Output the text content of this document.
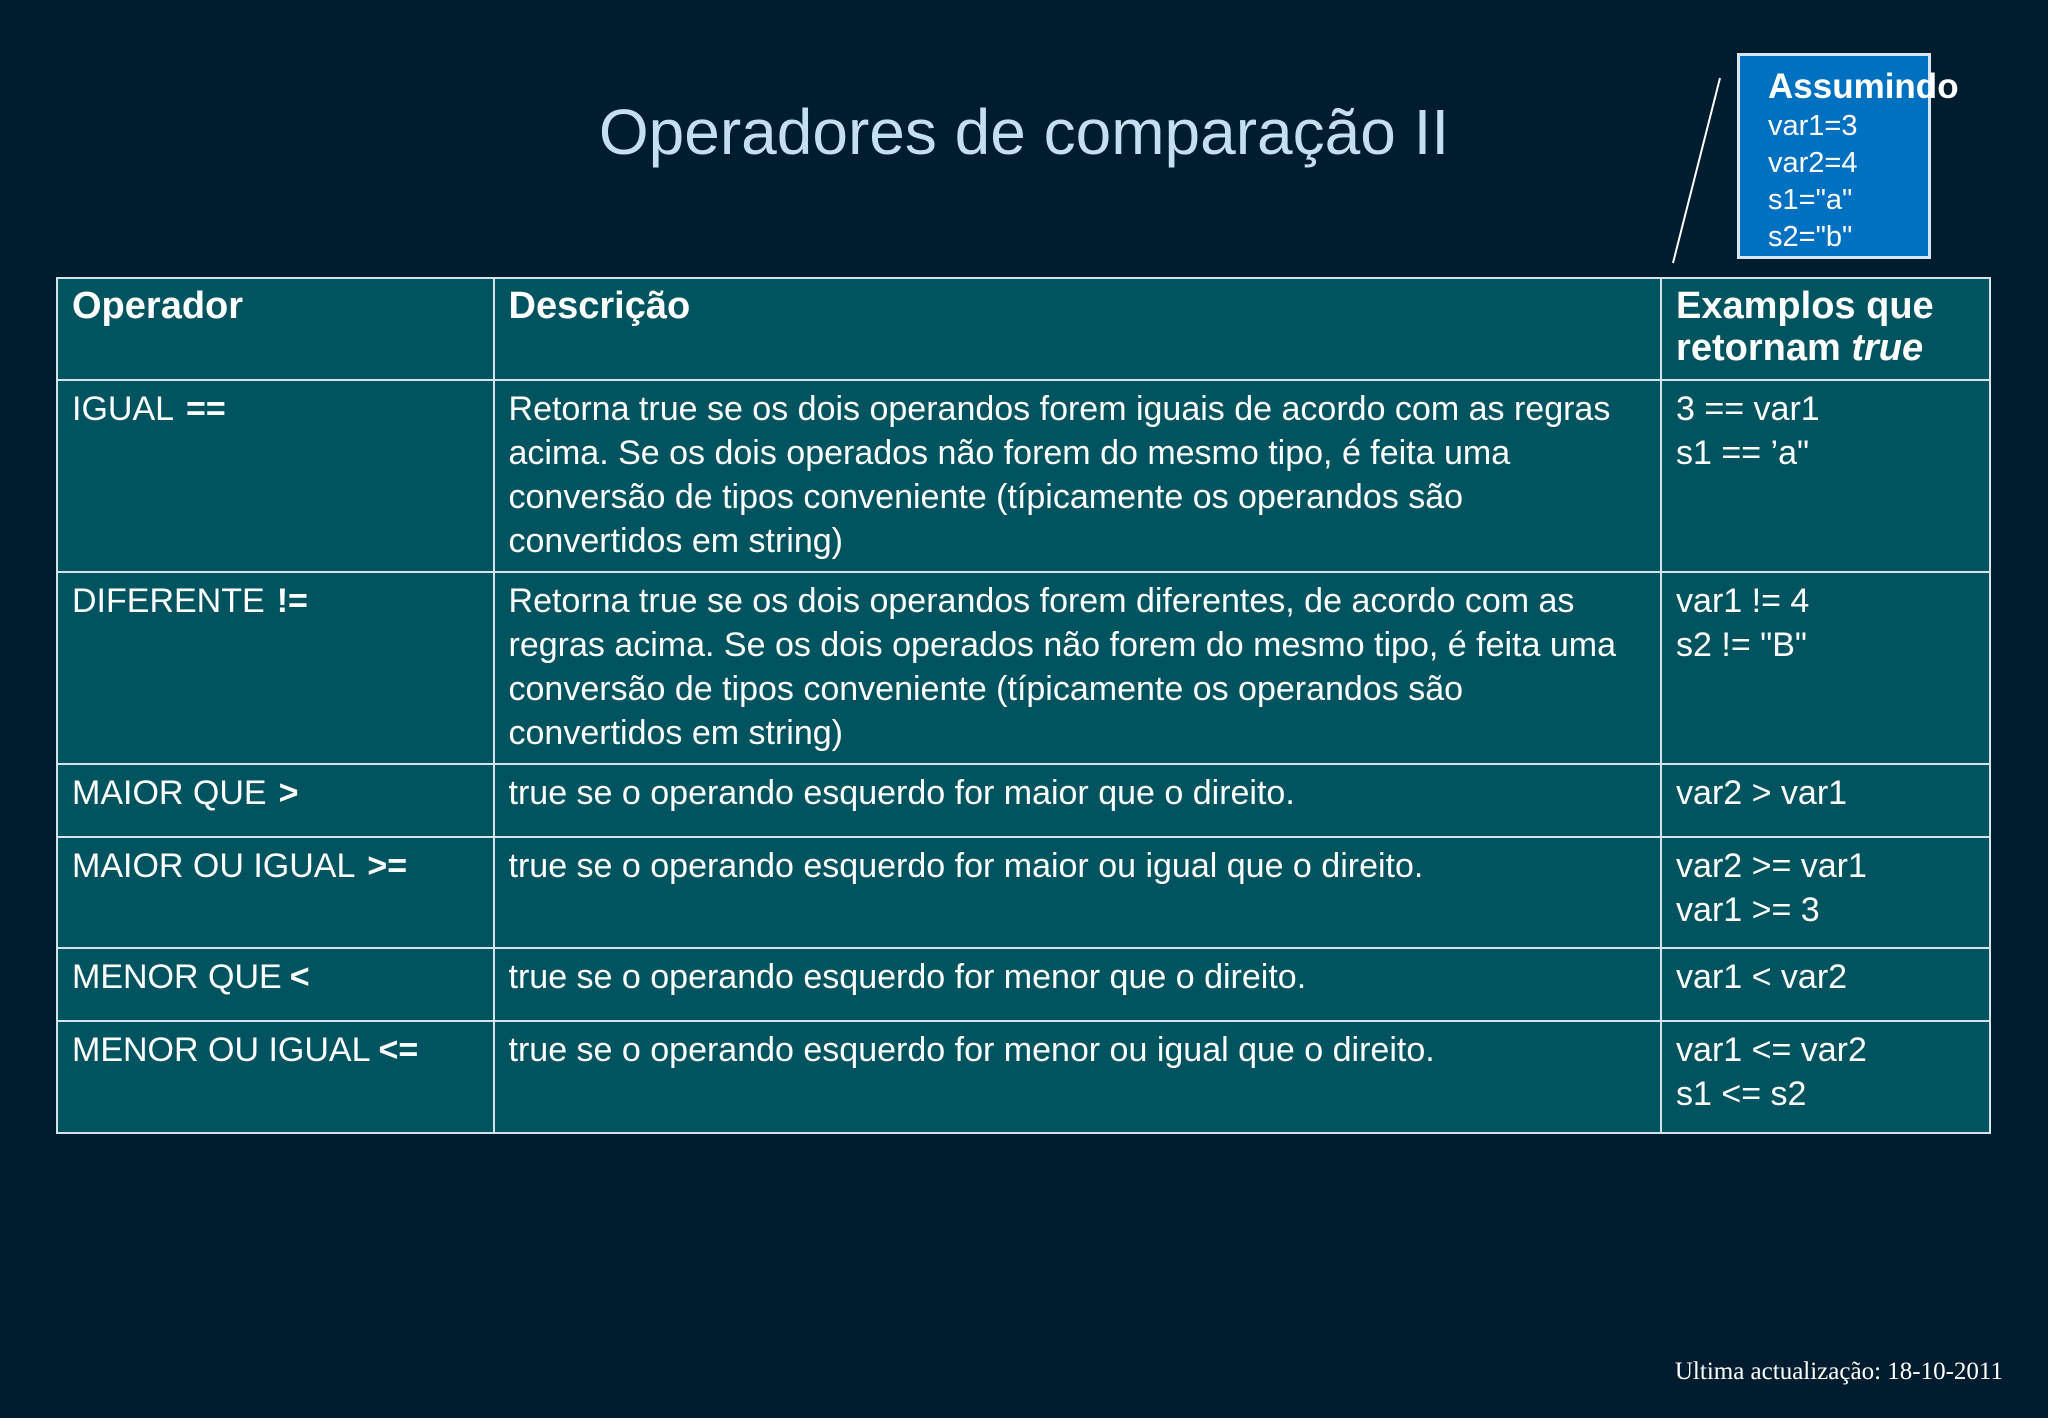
Operadores de comparação II
Assumindo
var1=3
var2=4
s1="a"
s2="b"
Operador	Descrição	Examplos que retornam true
IGUAL ==	Retorna true se os dois operandos forem iguais de acordo com as regras acima. Se os dois operados não forem do mesmo tipo, é feita uma conversão de tipos conveniente (típicamente os operandos são convertidos em string)	3 == var1
s1 == ’a"

DIFERENTE !=	Retorna true se os dois operandos forem diferentes, de acordo com as regras acima. Se os dois operados não forem do mesmo tipo, é feita uma conversão de tipos conveniente (típicamente os operandos são convertidos em string)	var1 != 4
s2 != "B"

MAIOR QUE >	true se o operando esquerdo for maior que o direito.	var2 > var1

MAIOR OU IGUAL >=	true se o operando esquerdo for maior ou igual que o direito.	var2 >= var1
var1 >= 3

MENOR QUE <	true se o operando esquerdo for menor que o direito.	var1 < var2

MENOR OU IGUAL <=	true se o operando esquerdo for menor ou igual que o direito.	var1 <= var2
s1 <= s2
Ultima actualização: 18-10-2011
